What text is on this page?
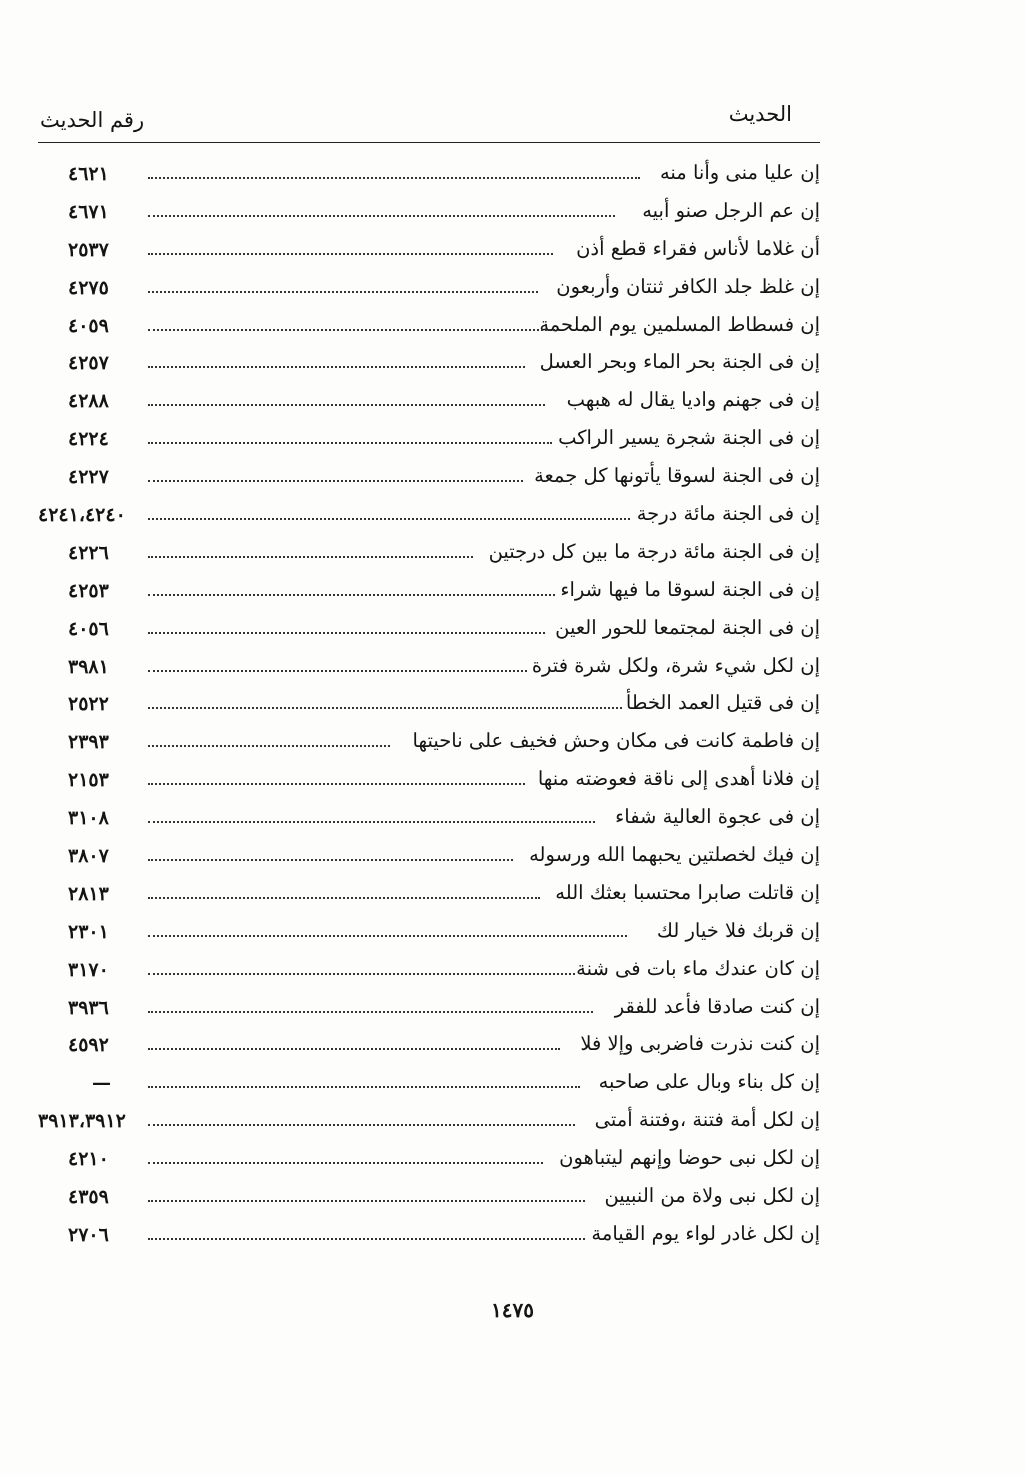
الحديث
رقم الحديث
إن عليا منى وأنا منه
٤٦٢١
إن عم الرجل صنو أبيه
٤٦٧١
أن غلاما لأناس فقراء قطع أذن
٢٥٣٧
إن غلظ جلد الكافر ثنتان وأربعون
٤٢٧٥
إن فسطاط المسلمين يوم الملحمة
٤٠٥٩
إن فى الجنة بحر الماء وبحر العسل
٤٢٥٧
إن فى جهنم واديا يقال له هبهب
٤٢٨٨
إن فى الجنة شجرة يسير الراكب
٤٢٢٤
إن فى الجنة لسوقا يأتونها كل جمعة
٤٢٢٧
إن فى الجنة مائة درجة
٤٢٤١،٤٢٤٠
إن فى الجنة مائة درجة ما بين كل درجتين
٤٢٢٦
إن فى الجنة لسوقا ما فيها شراء
٤٢٥٣
إن فى الجنة لمجتمعا للحور العين
٤٠٥٦
إن لكل شيء شرة، ولكل شرة فترة
٣٩٨١
إن فى قتيل العمد الخطأ
٢٥٢٢
إن فاطمة كانت فى مكان وحش فخيف على ناحيتها
٢٣٩٣
إن فلانا أهدى إلى ناقة فعوضته منها
٢١٥٣
إن فى عجوة العالية شفاء
٣١٠٨
إن فيك لخصلتين يحبهما الله ورسوله
٣٨٠٧
إن قاتلت صابرا محتسبا بعثك الله
٢٨١٣
إن قربك فلا خيار لك
٢٣٠١
إن كان عندك ماء بات فى شنة
٣١٧٠
إن كنت صادقا فأعد للفقر
٣٩٣٦
إن كنت نذرت فاضربى وإلا فلا
٤٥٩٢
إن كل بناء وبال على صاحبه
—
إن لكل أمة فتنة ،وفتنة أمتى
٣٩١٣،٣٩١٢
إن لكل نبى حوضا وإنهم ليتباهون
٤٢١٠
إن لكل نبى ولاة من النبيين
٤٣٥٩
إن لكل غادر لواء يوم القيامة
٢٧٠٦
١٤٧٥
